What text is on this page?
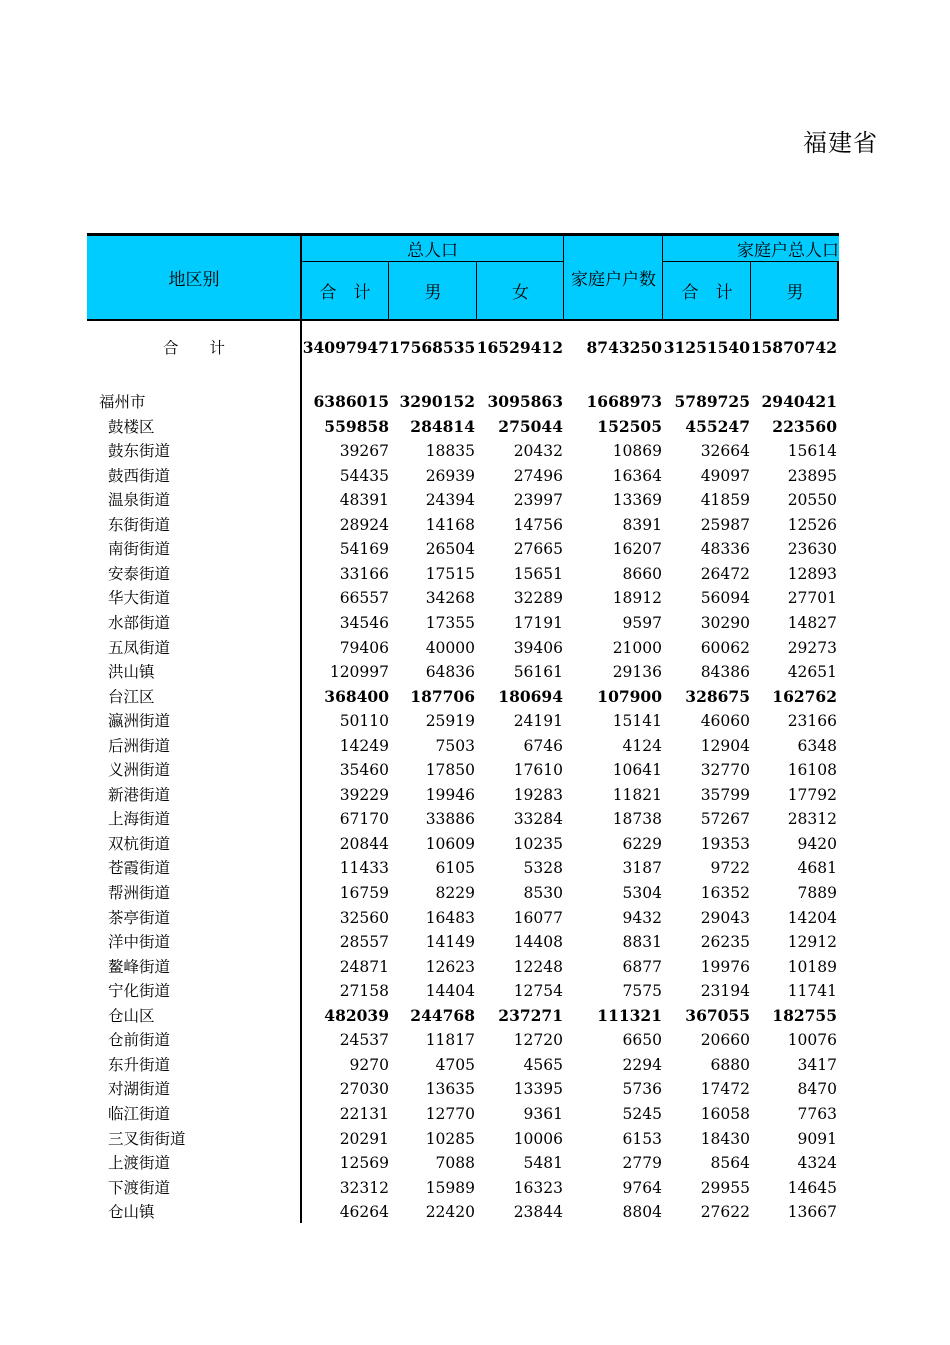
福建省
地区别
总人口
家庭户户数
家庭户总人口
合　计	男	女	合　计	男
合　　计	34097947 17568535 16529412	8743250 31251540 15870742
福州市	6386015 3290152 3095863	1668973 5789725 2940421
鼓楼区	559858	284814	275044	152505	455247	223560
鼓东街道	39267	18835	20432	10869	32664	15614
鼓西街道	54435	26939	27496	16364	49097	23895
温泉街道	48391	24394	23997	13369	41859	20550
东街街道	28924	14168	14756	8391	25987	12526
南街街道	54169	26504	27665	16207	48336	23630
安泰街道	33166	17515	15651	8660	26472	12893
华大街道	66557	34268	32289	18912	56094	27701
水部街道	34546	17355	17191	9597	30290	14827
五凤街道	79406	40000	39406	21000	60062	29273
洪山镇	120997	64836	56161	29136	84386	42651
台江区	368400	187706	180694	107900	328675	162762
瀛洲街道	50110	25919	24191	15141	46060	23166
后洲街道	14249	7503	6746	4124	12904	6348
义洲街道	35460	17850	17610	10641	32770	16108
新港街道	39229	19946	19283	11821	35799	17792
上海街道	67170	33886	33284	18738	57267	28312
双杭街道	20844	10609	10235	6229	19353	9420
苍霞街道	11433	6105	5328	3187	9722	4681
帮洲街道	16759	8229	8530	5304	16352	7889
茶亭街道	32560	16483	16077	9432	29043	14204
洋中街道	28557	14149	14408	8831	26235	12912
鳌峰街道	24871	12623	12248	6877	19976	10189
宁化街道	27158	14404	12754	7575	23194	11741
仓山区	482039	244768	237271	111321	367055	182755
仓前街道	24537	11817	12720	6650	20660	10076
东升街道	9270	4705	4565	2294	6880	3417
对湖街道	27030	13635	13395	5736	17472	8470
临江街道	22131	12770	9361	5245	16058	7763
三叉街街道	20291	10285	10006	6153	18430	9091
上渡街道	12569	7088	5481	2779	8564	4324
下渡街道	32312	15989	16323	9764	29955	14645
仓山镇	46264	22420	23844	8804	27622	13667
